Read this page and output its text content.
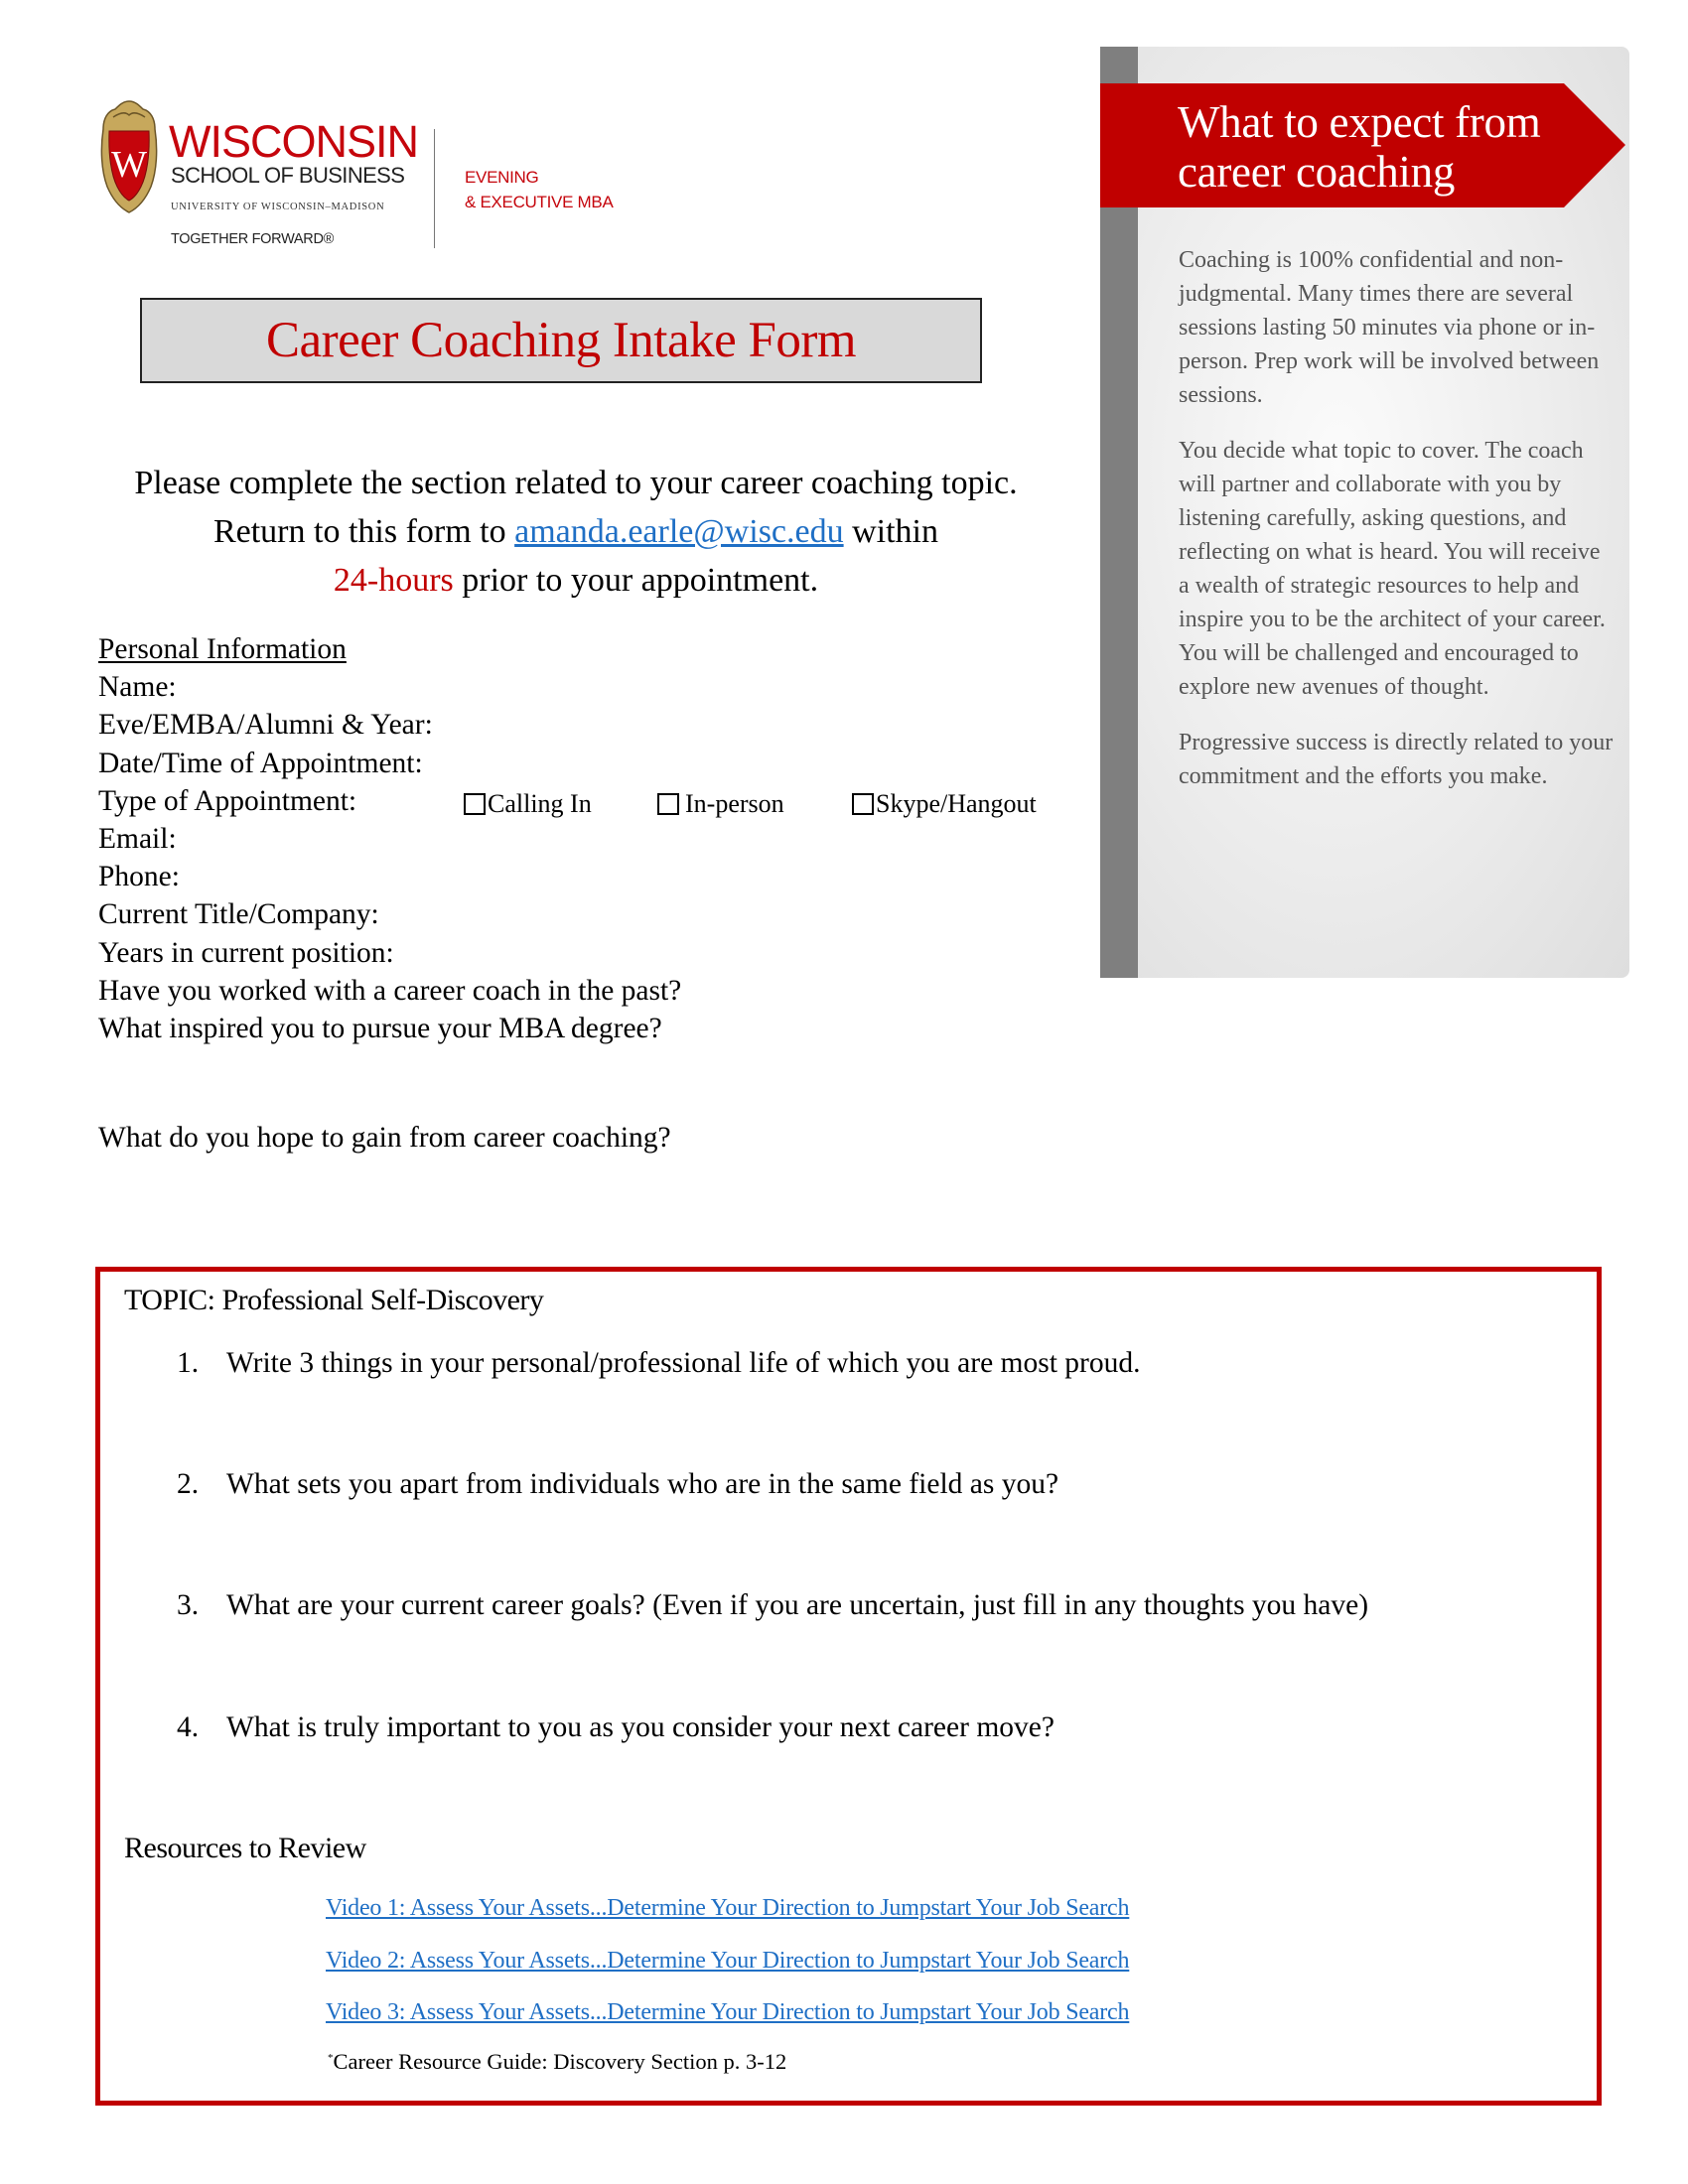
W WISCONSIN
SCHOOL OF BUSINESS
UNIVERSITY OF WISCONSIN–MADISON
TOGETHER FORWARD®
EVENING
& EXECUTIVE MBA
Career Coaching Intake Form
Please complete the section related to your career coaching topic. Return to this form to amanda.earle@wisc.edu within
24-hours prior to your appointment.
Personal Information
Name:
Eve/EMBA/Alumni & Year:
Date/Time of Appointment:
Type of Appointment:
Email:
Phone:
Current Title/Company:
Years in current position:
Have you worked with a career coach in the past?
What inspired you to pursue your MBA degree?
Calling In	In-person	Skype/Hangout
What do you hope to gain from career coaching?
What to expect from
career coaching

Coaching is 100% confidential and non-judgmental. Many times there are several sessions lasting 50 minutes via phone or in-person. Prep work will be involved between sessions.

You decide what topic to cover. The coach will partner and collaborate with you by listening carefully, asking questions, and reflecting on what is heard. You will receive a wealth of strategic resources to help and inspire you to be the architect of your career. You will be challenged and encouraged to explore new avenues of thought.

Progressive success is directly related to your commitment and the efforts you make.

TOPIC: Professional Self-Discovery
1. Write 3 things in your personal/professional life of which you are most proud.
2. What sets you apart from individuals who are in the same field as you?
3. What are your current career goals? (Even if you are uncertain, just fill in any thoughts you have)
4. What is truly important to you as you consider your next career move?
Resources to Review
Video 1: Assess Your Assets...Determine Your Direction to Jumpstart Your Job Search
Video 2: Assess Your Assets...Determine Your Direction to Jumpstart Your Job Search
Video 3: Assess Your Assets...Determine Your Direction to Jumpstart Your Job Search
*Career Resource Guide: Discovery Section p. 3-12
